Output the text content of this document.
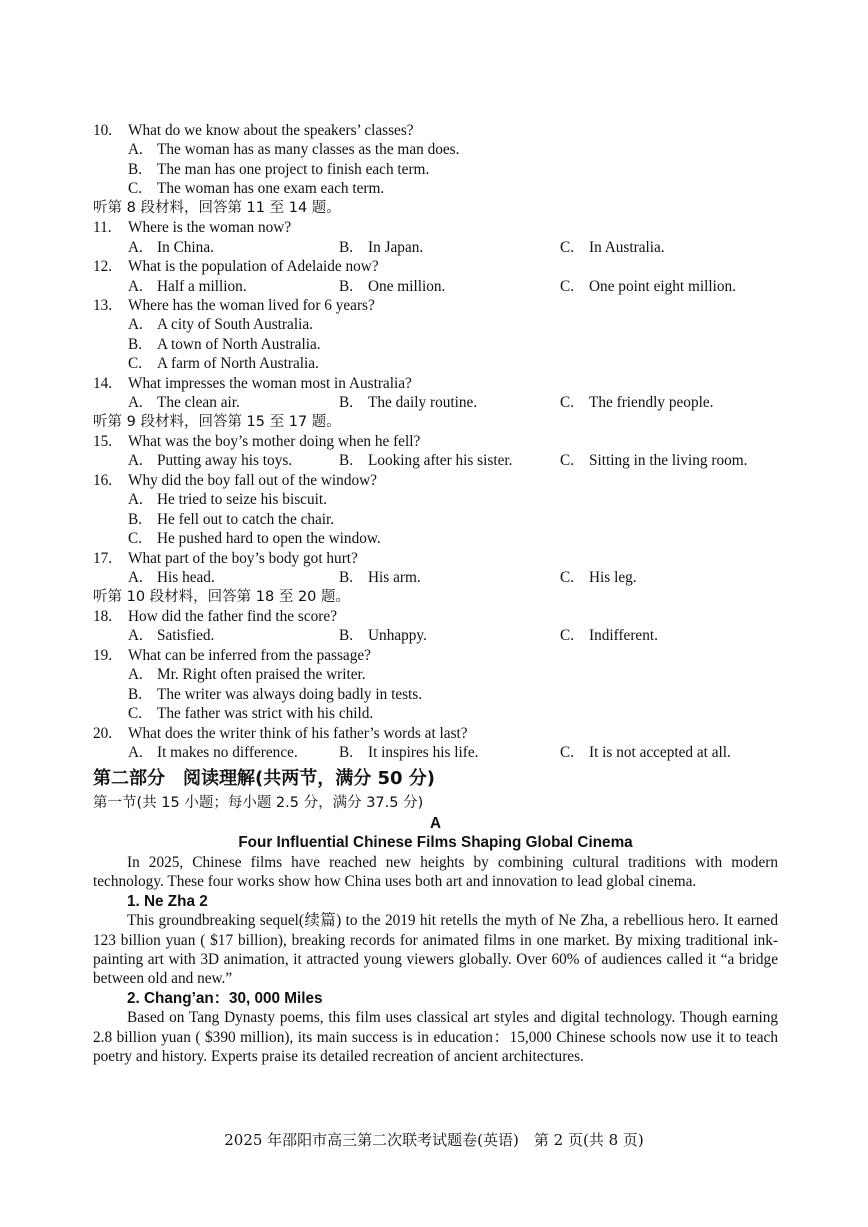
10. What do we know about the speakers’ classes?
A. The woman has as many classes as the man does.
B. The man has one project to finish each term.
C. The woman has one exam each term.
听第 8 段材料，回答第 11 至 14 题。
11. Where is the woman now?
A. In China.	B. In Japan.	C. In Australia.
12. What is the population of Adelaide now?
A. Half a million.	B. One million.	C. One point eight million.
13. Where has the woman lived for 6 years?
A. A city of South Australia.
B. A town of North Australia.
C. A farm of North Australia.
14. What impresses the woman most in Australia?
A. The clean air.	B. The daily routine.	C. The friendly people.
听第 9 段材料，回答第 15 至 17 题。
15. What was the boy’s mother doing when he fell?
A. Putting away his toys.	B. Looking after his sister.	C. Sitting in the living room.
16. Why did the boy fall out of the window?
A. He tried to seize his biscuit.
B. He fell out to catch the chair.
C. He pushed hard to open the window.
17. What part of the boy’s body got hurt?
A. His head.	B. His arm.	C. His leg.
听第 10 段材料，回答第 18 至 20 题。
18. How did the father find the score?
A. Satisfied.	B. Unhappy.	C. Indifferent.
19. What can be inferred from the passage?
A. Mr. Right often praised the writer.
B. The writer was always doing badly in tests.
C. The father was strict with his child.
20. What does the writer think of his father’s words at last?
A. It makes no difference.	B. It inspires his life.	C. It is not accepted at all.
第二部分　阅读理解(共两节，满分 50 分)
第一节(共 15 小题；每小题 2.5 分，满分 37.5 分)
A
Four Influential Chinese Films Shaping Global Cinema
In 2025, Chinese films have reached new heights by combining cultural traditions with modern technology. These four works show how China uses both art and innovation to lead global cinema.
1. Ne Zha 2
This groundbreaking sequel(续篇) to the 2019 hit retells the myth of Ne Zha, a rebellious hero. It earned 123 billion yuan ( $17 billion), breaking records for animated films in one market. By mixing traditional ink-painting art with 3D animation, it attracted young viewers globally. Over 60% of audiences called it “a bridge between old and new.”
2. Chang’an：30, 000 Miles
Based on Tang Dynasty poems, this film uses classical art styles and digital technology. Though earning 2.8 billion yuan ( $390 million), its main success is in education：15,000 Chinese schools now use it to teach poetry and history. Experts praise its detailed recreation of ancient architectures.
2025 年邵阳市高三第二次联考试题卷(英语)　第 2 页(共 8 页)
